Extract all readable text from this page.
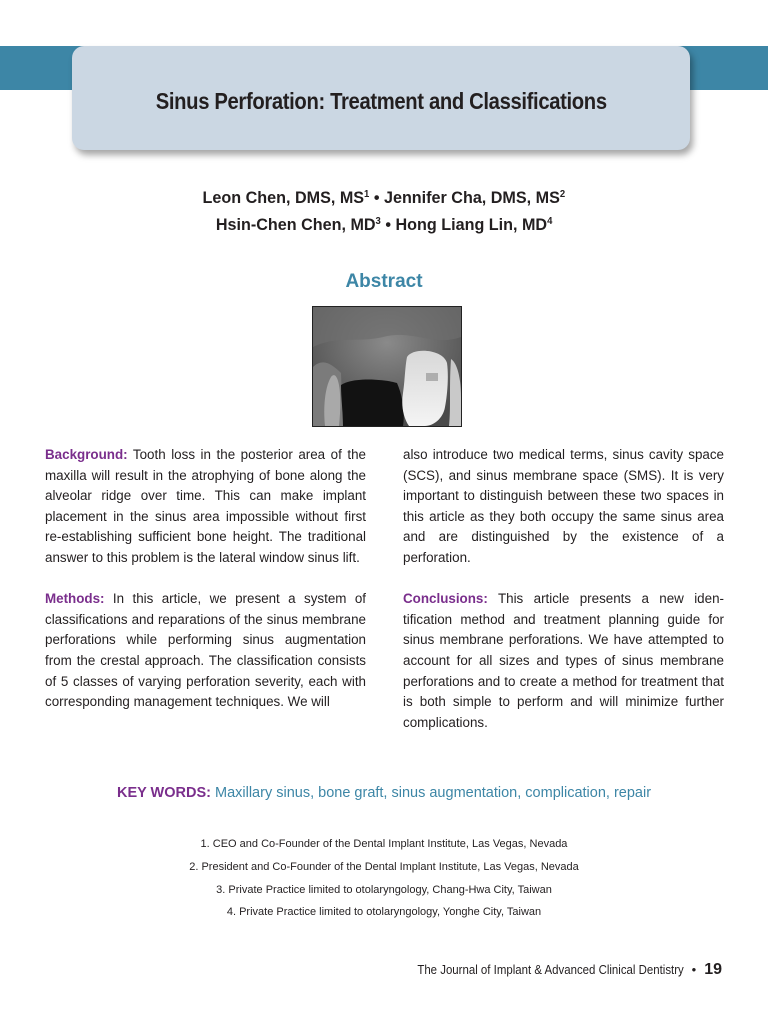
Sinus Perforation: Treatment and Classifications
Leon Chen, DMS, $MS^1$ • Jennifer Cha, DMS, $MS^2$
Hsin-Chen Chen, $MD^3$ • Hong Liang Lin, $MD^4$
Abstract

Background: Tooth loss in the posterior area of the maxilla will result in the atrophying of bone along the alveolar ridge over time. This can make implant placement in the sinus area impossible without first re-establishing sufficient bone height. The traditional answer to this problem is the lateral window sinus lift.

Methods: In this article, we present a system of classifications and reparations of the sinus membrane perforations while performing sinus augmentation from the crestal approach. The classification consists of 5 classes of varying perforation severity, each with corresponding management techniques. We will

also introduce two medical terms, sinus cavity space (SCS), and sinus membrane space (SMS). It is very important to distinguish between these two spaces in this article as they both occupy the same sinus area and are distinguished by the existence of a perforation.

Conclusions: This article presents a new identification method and treatment planning guide for sinus membrane perforations. We have attempted to account for all sizes and types of sinus membrane perforations and to create a method for treatment that is both simple to perform and will minimize further complications.

KEY WORDS: Maxillary sinus, bone graft, sinus augmentation, complication, repair
1. CEO and Co-Founder of the Dental Implant Institute, Las Vegas, Nevada
2. President and Co-Founder of the Dental Implant Institute, Las Vegas, Nevada
3. Private Practice limited to otolaryngology, Chang-Hwa City, Taiwan
4. Private Practice limited to otolaryngology, Yonghe City, Taiwan
The Journal of Implant & Advanced Clinical Dentistry • 19
